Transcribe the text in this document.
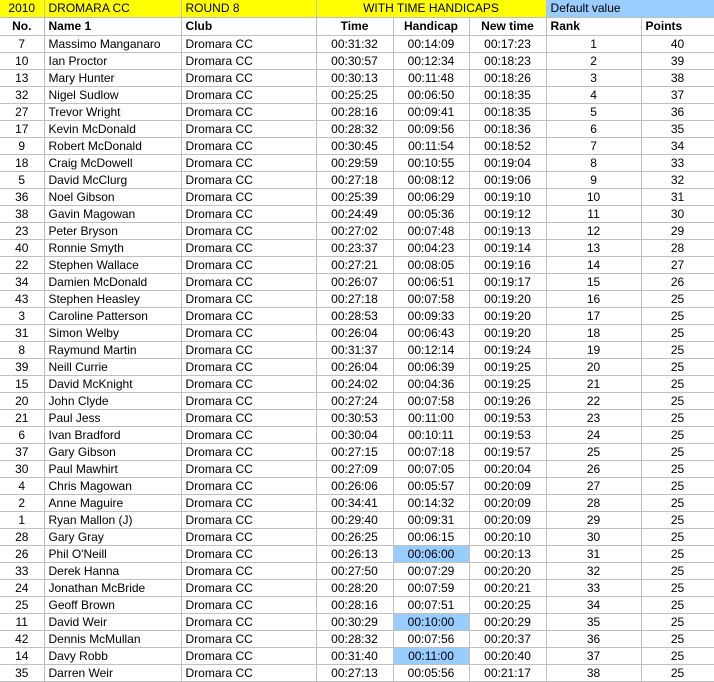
2010	DROMARA CC	ROUND 8	WITH TIME HANDICAPS			Default value	
No.	Name 1	Club	Time	Handicap	New time	Rank	Points
7	Massimo Manganaro	Dromara CC	00:31:32	00:14:09	00:17:23	1	40
10	Ian Proctor	Dromara CC	00:30:57	00:12:34	00:18:23	2	39
13	Mary Hunter	Dromara CC	00:30:13	00:11:48	00:18:26	3	38
32	Nigel Sudlow	Dromara CC	00:25:25	00:06:50	00:18:35	4	37
27	Trevor Wright	Dromara CC	00:28:16	00:09:41	00:18:35	5	36
17	Kevin McDonald	Dromara CC	00:28:32	00:09:56	00:18:36	6	35
9	Robert McDonald	Dromara CC	00:30:45	00:11:54	00:18:52	7	34
18	Craig McDowell	Dromara CC	00:29:59	00:10:55	00:19:04	8	33
5	David McClurg	Dromara CC	00:27:18	00:08:12	00:19:06	9	32
36	Noel Gibson	Dromara CC	00:25:39	00:06:29	00:19:10	10	31
38	Gavin Magowan	Dromara CC	00:24:49	00:05:36	00:19:12	11	30
23	Peter Bryson	Dromara CC	00:27:02	00:07:48	00:19:13	12	29
40	Ronnie Smyth	Dromara CC	00:23:37	00:04:23	00:19:14	13	28
22	Stephen Wallace	Dromara CC	00:27:21	00:08:05	00:19:16	14	27
34	Damien McDonald	Dromara CC	00:26:07	00:06:51	00:19:17	15	26
43	Stephen Heasley	Dromara CC	00:27:18	00:07:58	00:19:20	16	25
3	Caroline Patterson	Dromara CC	00:28:53	00:09:33	00:19:20	17	25
31	Simon Welby	Dromara CC	00:26:04	00:06:43	00:19:20	18	25
8	Raymund Martin	Dromara CC	00:31:37	00:12:14	00:19:24	19	25
39	Neill Currie	Dromara CC	00:26:04	00:06:39	00:19:25	20	25
15	David McKnight	Dromara CC	00:24:02	00:04:36	00:19:25	21	25
20	John Clyde	Dromara CC	00:27:24	00:07:58	00:19:26	22	25
21	Paul Jess	Dromara CC	00:30:53	00:11:00	00:19:53	23	25
6	Ivan Bradford	Dromara CC	00:30:04	00:10:11	00:19:53	24	25
37	Gary Gibson	Dromara CC	00:27:15	00:07:18	00:19:57	25	25
30	Paul Mawhirt	Dromara CC	00:27:09	00:07:05	00:20:04	26	25
4	Chris Magowan	Dromara CC	00:26:06	00:05:57	00:20:09	27	25
2	Anne Maguire	Dromara CC	00:34:41	00:14:32	00:20:09	28	25
1	Ryan Mallon (J)	Dromara CC	00:29:40	00:09:31	00:20:09	29	25
28	Gary Gray	Dromara CC	00:26:25	00:06:15	00:20:10	30	25
26	Phil O'Neill	Dromara CC	00:26:13	00:06:00	00:20:13	31	25
33	Derek Hanna	Dromara CC	00:27:50	00:07:29	00:20:20	32	25
24	Jonathan McBride	Dromara CC	00:28:20	00:07:59	00:20:21	33	25
25	Geoff Brown	Dromara CC	00:28:16	00:07:51	00:20:25	34	25
11	David Weir	Dromara CC	00:30:29	00:10:00	00:20:29	35	25
42	Dennis McMullan	Dromara CC	00:28:32	00:07:56	00:20:37	36	25
14	Davy Robb	Dromara CC	00:31:40	00:11:00	00:20:40	37	25
35	Darren Weir	Dromara CC	00:27:13	00:05:56	00:21:17	38	25
